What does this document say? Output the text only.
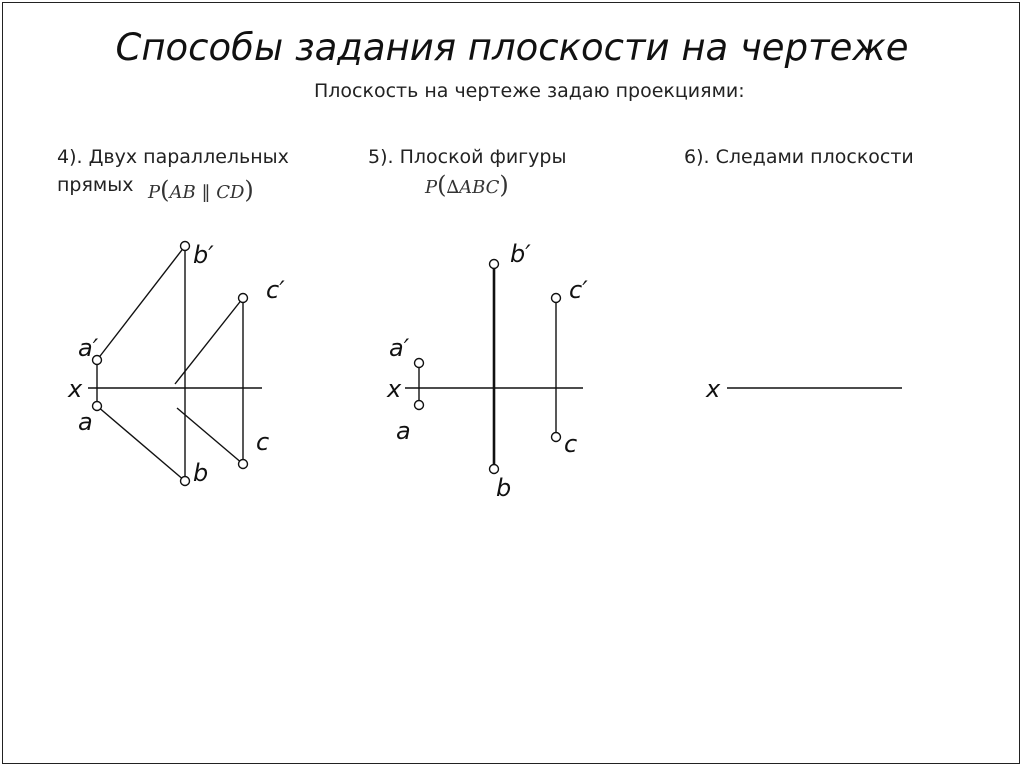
Способы задания плоскости на чертеже
Плоскость на чертеже задаю проекциями:
4). Двух параллельных
прямых P(AB ‖ CD)
5). Плоской фигуры
P(∆ABC)
6). Следами плоскости
x
a′
a
b′
b
c′
c
x
a′
a
b′
b
c′
c
x
